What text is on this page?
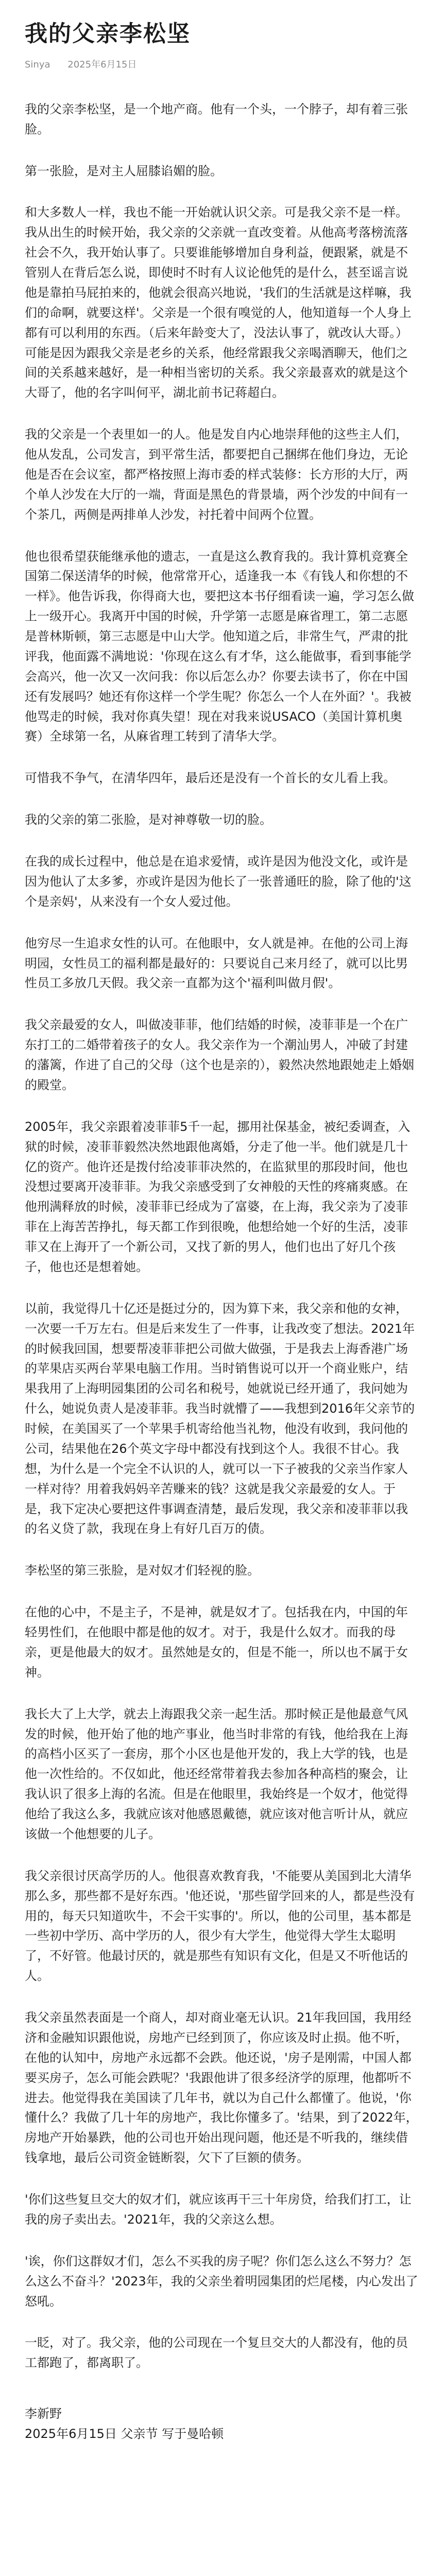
我的父亲李松坚
Sinya 2025年6月15日

我的父亲李松坚，是一个地产商。他有一个头，一个脖子，却有着三张脸。

第一张脸，是对主人屈膝谄媚的脸。

和大多数人一样，我也不能一开始就认识父亲。可是我父亲不是一样。我从出生的时候开始，我父亲的父亲就一直改变着。从他高考落榜流落社会不久，我开始认事了。只要谁能够增加自身利益，便跟紧，就是不管别人在背后怎么说，即使时不时有人议论他凭的是什么，甚至谣言说他是靠拍马屁拍来的，他就会很高兴地说，'我们的生活就是这样嘛，我们的命啊，就要这样'。父亲是一个很有嗅觉的人，他知道每一个人身上都有可以利用的东西。（后来年龄变大了，没法认事了，就改认大哥。）可能是因为跟我父亲是老乡的关系，他经常跟我父亲喝酒聊天，他们之间的关系越来越好，是一种相当密切的关系。我父亲最喜欢的就是这个大哥了，他的名字叫何平，湖北前书记蒋超白。

我的父亲是一个表里如一的人。他是发自内心地崇拜他的这些主人们，他从发乱，公司发言，到平常生活，都要把自己捆绑在他们身边，无论他是否在会议室，都严格按照上海市委的样式装修：长方形的大厅，两个单人沙发在大厅的一端，背面是黑色的背景墙，两个沙发的中间有一个茶几，两侧是两排单人沙发，衬托着中间两个位置。

他也很希望获能继承他的遗志，一直是这么教育我的。我计算机竞赛全国第二保送清华的时候，他常常开心，适逢我一本《有钱人和你想的不一样》。他告诉我，你得商大也，要把这本书仔细看读一遍，学习怎么做上一级开心。我离开中国的时候，升学第一志愿是麻省理工，第二志愿是普林斯顿，第三志愿是中山大学。他知道之后，非常生气，严肃的批评我，他面露不满地说：'你现在这么有才华，这么能做事，看到事能学会高兴，他一次又一次问我：你以后怎么办？你要去读书了，你在中国还有发展吗？她还有你这样一个学生呢？你怎么一个人在外面？'。我被他骂走的时候，我对你真失望！现在对我来说USACO（美国计算机奥赛）全球第一名，从麻省理工转到了清华大学。

可惜我不争气，在清华四年，最后还是没有一个首长的女儿看上我。

我的父亲的第二张脸，是对神尊敬一切的脸。

在我的成长过程中，他总是在追求爱情，或许是因为他没文化，或许是因为他认了太多爹，亦或许是因为他长了一张普通旺的脸，除了他的'这个是亲妈'，从来没有一个女人爱过他。

他穷尽一生追求女性的认可。在他眼中，女人就是神。在他的公司上海明园，女性员工的福利都是最好的：只要说自己来月经了，就可以比男性员工多放几天假。我父亲一直都为这个'福利叫做月假'。

我父亲最爱的女人，叫做凌菲菲，他们结婚的时候，凌菲菲是一个在广东打工的二婚带着孩子的女人。我父亲作为一个潮汕男人，冲破了封建的藩篱，作进了自己的父母（这个也是亲的），毅然决然地跟她走上婚姻的殿堂。

2005年，我父亲跟着凌菲菲5千一起，挪用社保基金，被纪委调查，入狱的时候，凌菲菲毅然决然地跟他离婚，分走了他一半。他们就是几十亿的资产。他许还是拨付给凌菲菲决然的，在监狱里的那段时间，他也没想过要离开凌菲菲。为我父亲感受到了女神般的天性的疼痛爽感。在他刑满释放的时候，凌菲菲已经成为了富婆，在上海，我父亲为了凌菲菲在上海苦苦挣扎，每天都工作到很晚，他想给她一个好的生活，凌菲菲又在上海开了一个新公司，又找了新的男人，他们也出了好几个孩子，他也还是想着她。

以前，我觉得几十亿还是挺过分的，因为算下来，我父亲和他的女神，一次要一千万左右。但是后来发生了一件事，让我改变了想法。2021年的时候我回国，想要帮凌菲菲把公司做大做强，于是我去上海香港广场的苹果店买两台苹果电脑工作用。当时销售说可以开一个商业账户，结果我用了上海明园集团的公司名和税号，她就说已经开通了，我问她为什么，她说负责人是凌菲菲。我当时就懵了——我想到2016年父亲节的时候，在美国买了一个苹果手机寄给他当礼物，他没有收到，我问他的公司，结果他在26个英文字母中都没有找到这个人。我很不甘心。我想，为什么是一个完全不认识的人，就可以一下子被我的父亲当作家人一样对待？用着我妈妈辛苦赚来的钱？这就是我父亲最爱的女人。于是，我下定决心要把这件事调查清楚，最后发现，我父亲和凌菲菲以我的名义贷了款，我现在身上有好几百万的债。

李松坚的第三张脸，是对奴才们轻视的脸。

在他的心中，不是主子，不是神，就是奴才了。包括我在内，中国的年轻男性们，在他眼中都是他的奴才。对于，我是什么奴才。而我的母亲，更是他最大的奴才。虽然她是女的，但是不能一，所以也不属于女神。

我长大了上大学，就去上海跟我父亲一起生活。那时候正是他最意气风发的时候，他开始了他的地产事业，他当时非常的有钱，他给我在上海的高档小区买了一套房，那个小区也是他开发的，我上大学的钱，也是他一次性给的。不仅如此，他还经常带着我去参加各种高档的聚会，让我认识了很多上海的名流。但是在他眼里，我始终是一个奴才，他觉得他给了我这么多，我就应该对他感恩戴德，就应该对他言听计从，就应该做一个他想要的儿子。

我父亲很讨厌高学历的人。他很喜欢教育我，'不能要从美国到北大清华那么多，那些都不是好东西。'他还说，'那些留学回来的人，都是些没有用的，每天只知道吹牛，不会干实事的'。所以，他的公司里，基本都是一些初中学历、高中学历的人，很少有大学生，他觉得大学生太聪明了，不好管。他最讨厌的，就是那些有知识有文化，但是又不听他话的人。

我父亲虽然表面是一个商人，却对商业毫无认识。21年我回国，我用经济和金融知识跟他说，房地产已经到顶了，你应该及时止损。他不听，在他的认知中，房地产永远都不会跌。他还说，'房子是刚需，中国人都要买房子，怎么可能会跌呢？'我跟他讲了很多经济学的原理，他都听不进去。他觉得我在美国读了几年书，就以为自己什么都懂了。他说，'你懂什么？我做了几十年的房地产，我比你懂多了。'结果，到了2022年，房地产开始暴跌，他的公司也开始出现问题，他还是不听我的，继续借钱拿地，最后公司资金链断裂，欠下了巨额的债务。

'你们这些复旦交大的奴才们，就应该再干三十年房贷，给我们打工，让我的房子卖出去。'2021年，我的父亲这么想。

'诶，你们这群奴才们，怎么不买我的房子呢？你们怎么这么不努力？怎么这么不奋斗？'2023年，我的父亲坐着明园集团的烂尾楼，内心发出了怒吼。

一眨，对了。我父亲，他的公司现在一个复旦交大的人都没有，他的员工都跑了，都离职了。

李新野
2025年6月15日 父亲节 写于曼哈顿
